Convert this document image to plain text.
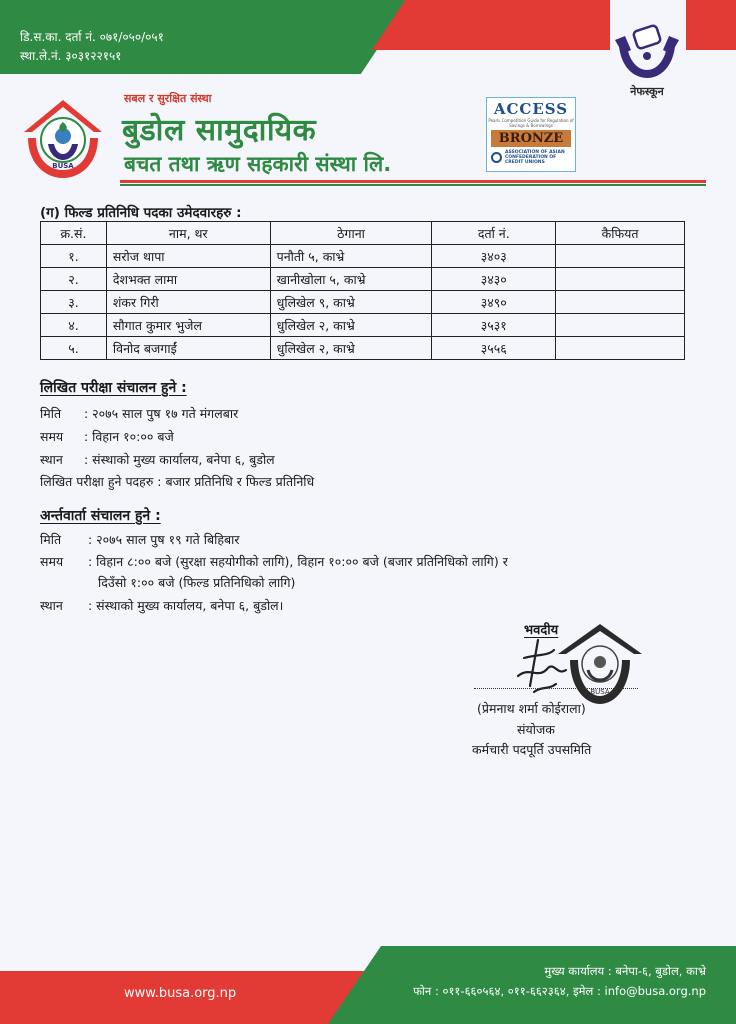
डि.स.का. दर्ता नं. ०७१/०५०/०५१
स्था.ले.नं. ३०३१२२१५१
नेफस्कून
BUSA
सबल र सुरक्षित संस्था
बुडोल सामुदायिक
बचत तथा ऋण सहकारी संस्था लि.
ACCESS
Pearls Competition Guide for Regulation of Savings & Borrowings
BRONZE
ASSOCIATION OF ASIAN CONFEDERATION OF CREDIT UNIONS
(ग) फिल्ड प्रतिनिधि पदका उमेदवारहरु :
क्र.सं.	नाम, थर	ठेगाना	दर्ता नं.	कैफियत
१.	सरोज थापा	पनौती ५, काभ्रे	३४०३	
२.	देशभक्त लामा	खानीखोला ५, काभ्रे	३४३०	
३.	शंकर गिरी	धुलिखेल ९, काभ्रे	३४९०	
४.	सौगात कुमार भुजेल	धुलिखेल २, काभ्रे	३५३१	
५.	विनोद बजगाईं	धुलिखेल २, काभ्रे	३५५६	
लिखित परीक्षा संचालन हुने :
मिति : २०७५ साल पुष १७ गते मंगलबार
समय : विहान १०:०० बजे
स्थान : संस्थाको मुख्य कार्यालय, बनेपा ६, बुडोल
लिखित परीक्षा हुने पदहरु : बजार प्रतिनिधि र फिल्ड प्रतिनिधि
अर्न्तवार्ता संचालन हुने :
मिति : २०७५ साल पुष १९ गते बिहिबार
समय : विहान ८:०० बजे (सुरक्षा सहयोगीको लागि), विहान १०:०० बजे (बजार प्रतिनिधिको लागि) र
दिउँसो १:०० बजे (फिल्ड प्रतिनिधिको लागि)
स्थान : संस्थाको मुख्य कार्यालय, बनेपा ६, बुडोल।
BUSA
भवदीय
(प्रेमनाथ शर्मा कोईराला)
संयोजक
कर्मचारी पदपूर्ति उपसमिति
www.busa.org.np
मुख्य कार्यालय : बनेपा-६, बुडोल, काभ्रे
फोन : ०११-६६०५६४, ०११-६६२३६४, इमेल : info@busa.org.np
